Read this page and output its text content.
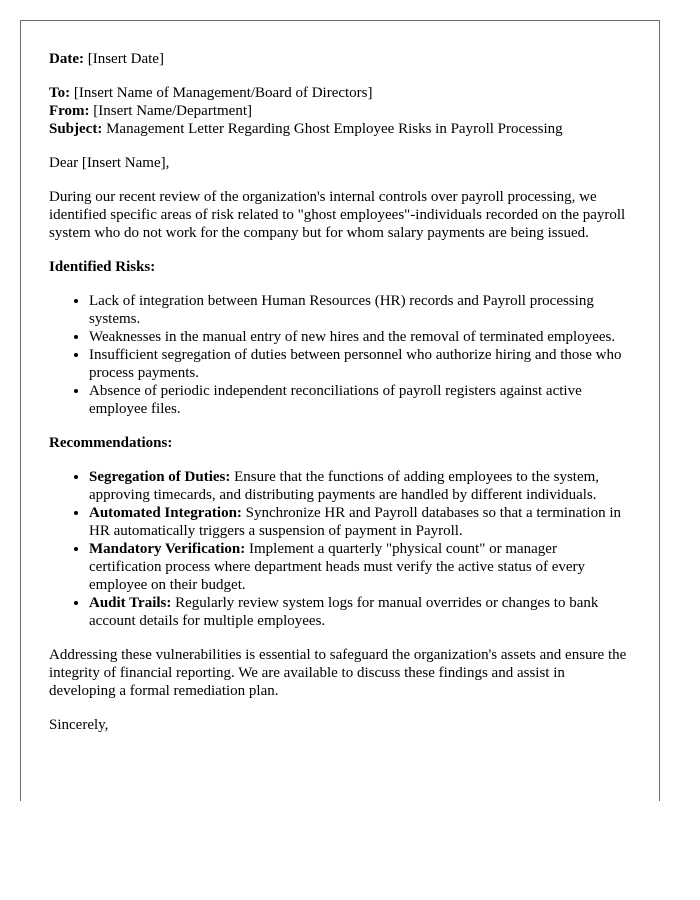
Date: [Insert Date]
To: [Insert Name of Management/Board of Directors]
From: [Insert Name/Department]
Subject: Management Letter Regarding Ghost Employee Risks in Payroll Processing

Dear [Insert Name],

During our recent review of the organization's internal controls over payroll processing, we identified specific areas of risk related to "ghost employees"-individuals recorded on the payroll system who do not work for the company but for whom salary payments are being issued.

Identified Risks:
• Lack of integration between Human Resources (HR) records and Payroll processing systems.
• Weaknesses in the manual entry of new hires and the removal of terminated employees.
• Insufficient segregation of duties between personnel who authorize hiring and those who process payments.
• Absence of periodic independent reconciliations of payroll registers against active employee files.
Recommendations:
• Segregation of Duties: Ensure that the functions of adding employees to the system, approving timecards, and distributing payments are handled by different individuals.
• Automated Integration: Synchronize HR and Payroll databases so that a termination in HR automatically triggers a suspension of payment in Payroll.
• Mandatory Verification: Implement a quarterly "physical count" or manager certification process where department heads must verify the active status of every employee on their budget.
• Audit Trails: Regularly review system logs for manual overrides or changes to bank account details for multiple employees.

Addressing these vulnerabilities is essential to safeguard the organization's assets and ensure the integrity of financial reporting. We are available to discuss these findings and assist in developing a formal remediation plan.

Sincerely,
